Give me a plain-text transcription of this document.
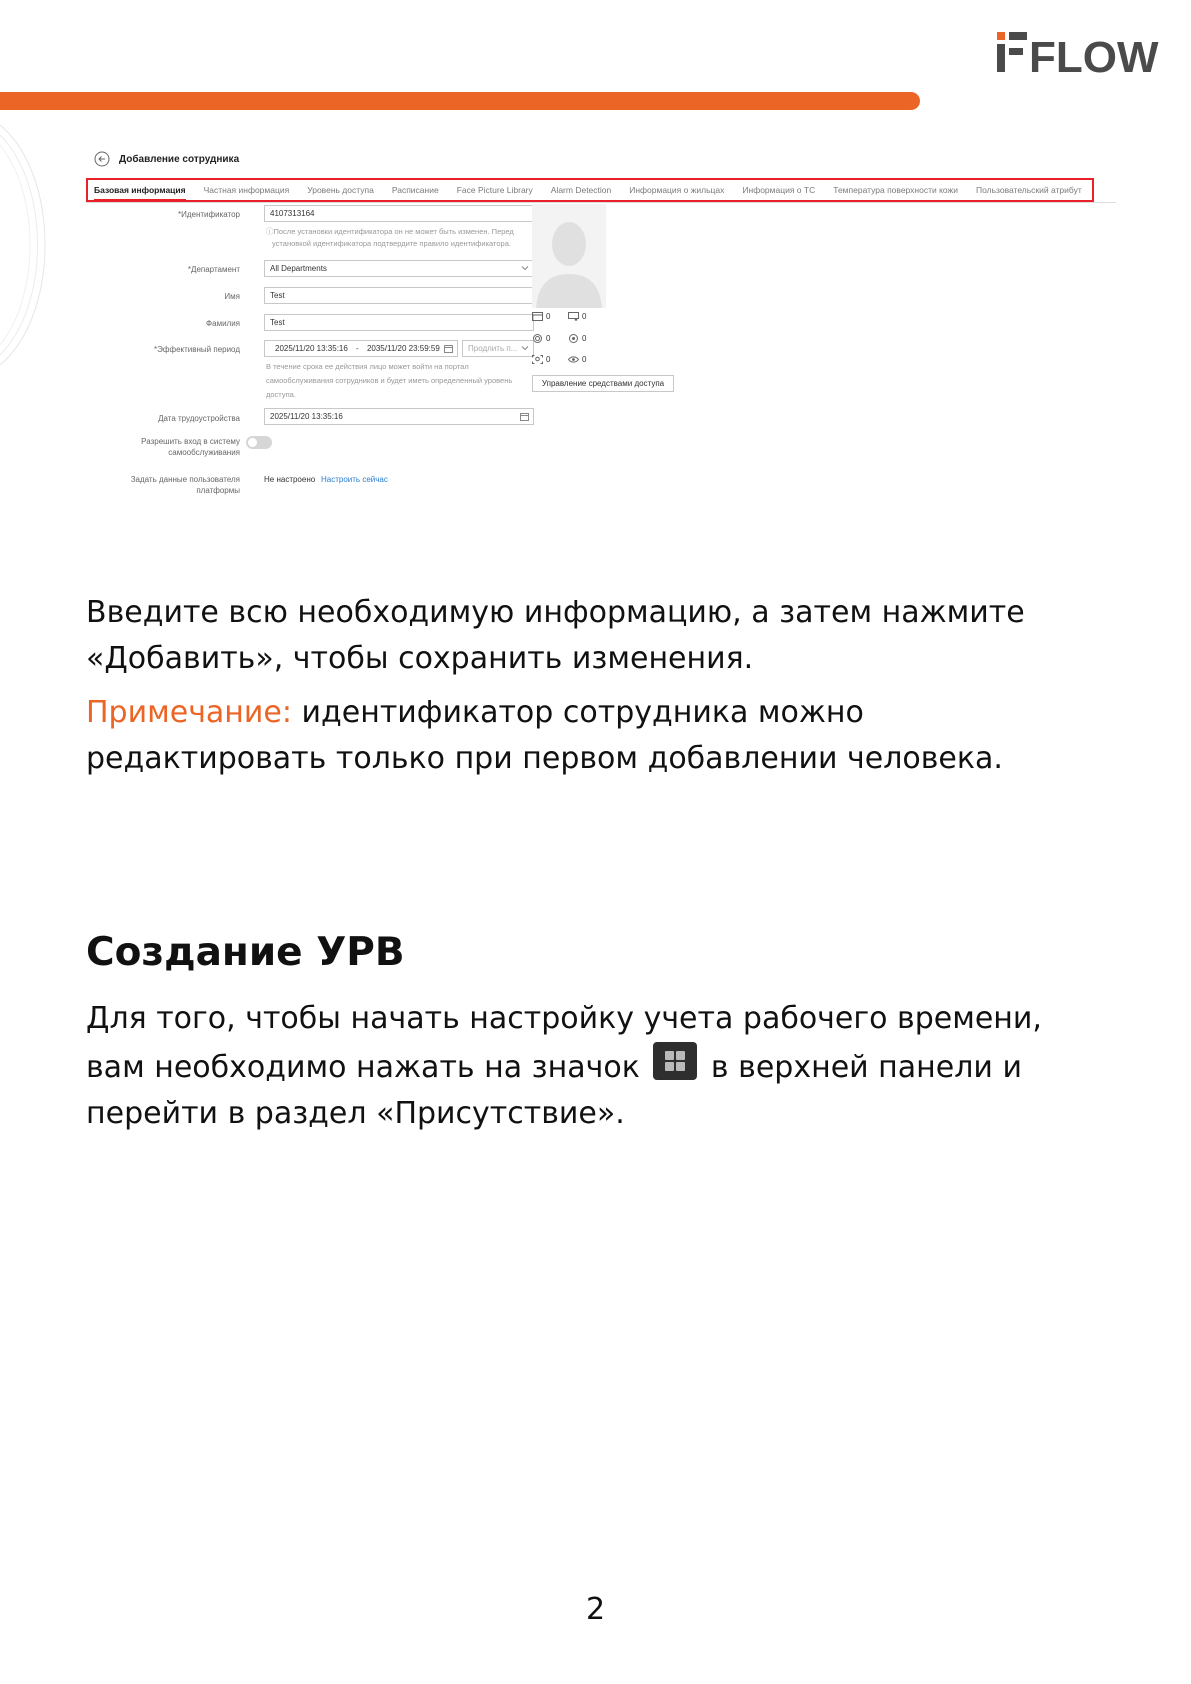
FLOW
Добавление сотрудника
Базовая информация Частная информация Уровень доступа Расписание Face Picture Library Alarm Detection Информация о жильцах Информация о ТС Температура поверхности кожи Пользовательский атрибут
*Идентификатор	4107313164
ⓘПосле установки идентификатора он не может быть изменен. Перед
установкой идентификатора подтвердите правило идентификатора.
*Департамент	All Departments
Имя	Test
Фамилия	Test
*Эффективный период	2025/11/20 13:35:16 - 2035/11/20 23:59:59	Продлить п...
В течение срока ее действия лицо может войти на портал
самообслуживания сотрудников и будет иметь определенный уровень
доступа.
Дата трудоустройства	2025/11/20 13:35:16
Разрешить вход в систему
самообслуживания
Задать данные пользователя
платформы
Не настроено Настроить сейчас
0	0
0	0
0	0
Управление средствами доступа
Введите всю необходимую информацию, а затем нажмите
«Добавить», чтобы сохранить изменения.
Примечание: идентификатор сотрудника можно
редактировать только при первом добавлении человека.
Создание УРВ
Для того, чтобы начать настройку учета рабочего времени,
вам необходимо нажать на значок в верхней панели и
перейти в раздел «Присутствие».
2
